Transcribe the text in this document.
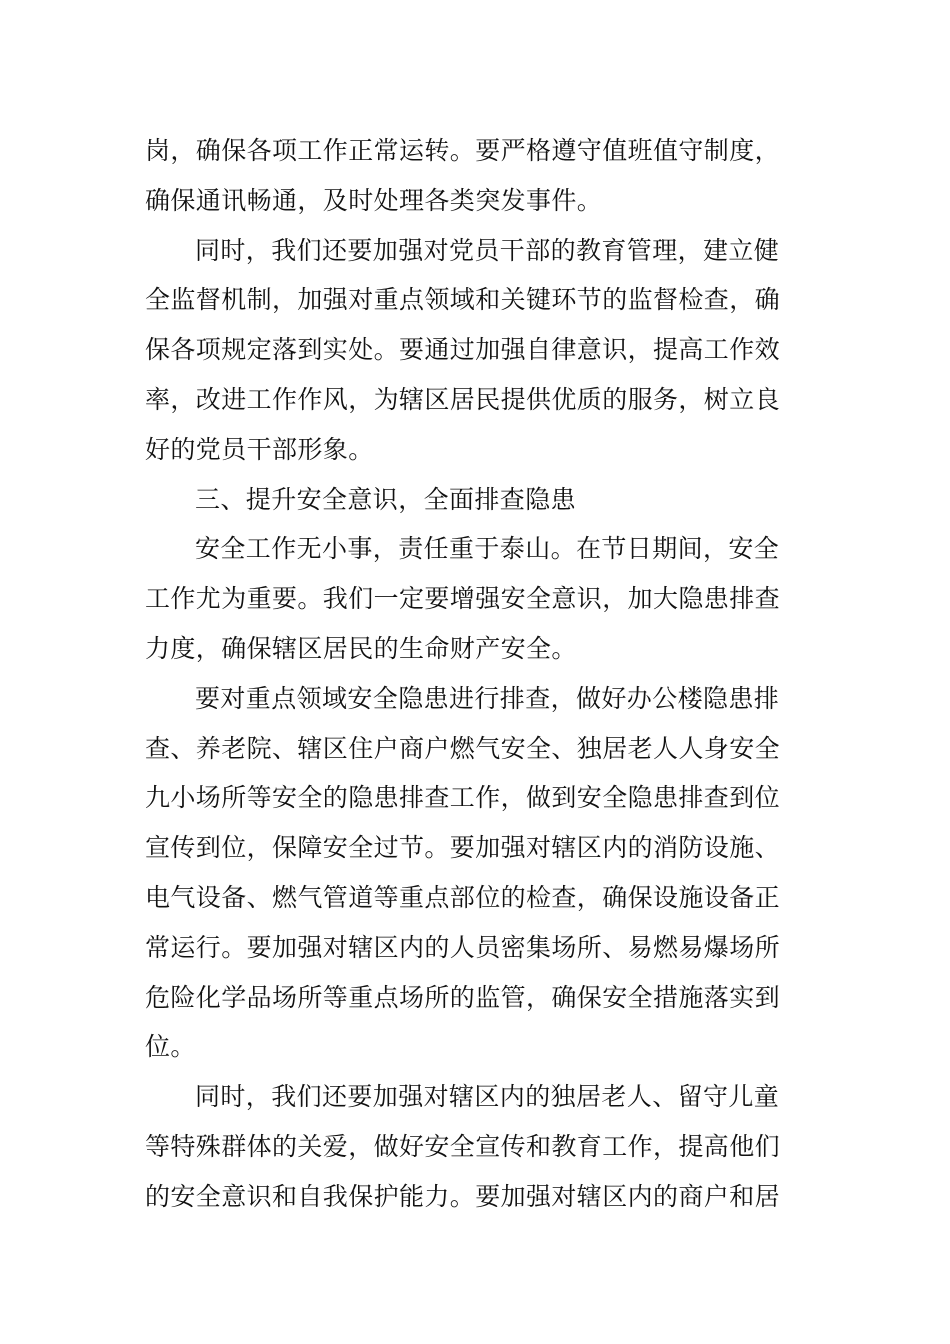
岗，确保各项工作正常运转。要严格遵守值班值守制度，
确保通讯畅通，及时处理各类突发事件。
同时，我们还要加强对党员干部的教育管理，建立健
全监督机制，加强对重点领域和关键环节的监督检查，确
保各项规定落到实处。要通过加强自律意识，提高工作效
率，改进工作作风，为辖区居民提供优质的服务，树立良
好的党员干部形象。
三、提升安全意识，全面排查隐患
安全工作无小事，责任重于泰山。在节日期间，安全
工作尤为重要。我们一定要增强安全意识，加大隐患排查
力度，确保辖区居民的生命财产安全。
要对重点领域安全隐患进行排查，做好办公楼隐患排
查、养老院、辖区住户商户燃气安全、独居老人人身安全
九小场所等安全的隐患排查工作，做到安全隐患排查到位
宣传到位，保障安全过节。要加强对辖区内的消防设施、
电气设备、燃气管道等重点部位的检查，确保设施设备正
常运行。要加强对辖区内的人员密集场所、易燃易爆场所
危险化学品场所等重点场所的监管，确保安全措施落实到
位。
同时，我们还要加强对辖区内的独居老人、留守儿童
等特殊群体的关爱，做好安全宣传和教育工作，提高他们
的安全意识和自我保护能力。要加强对辖区内的商户和居
